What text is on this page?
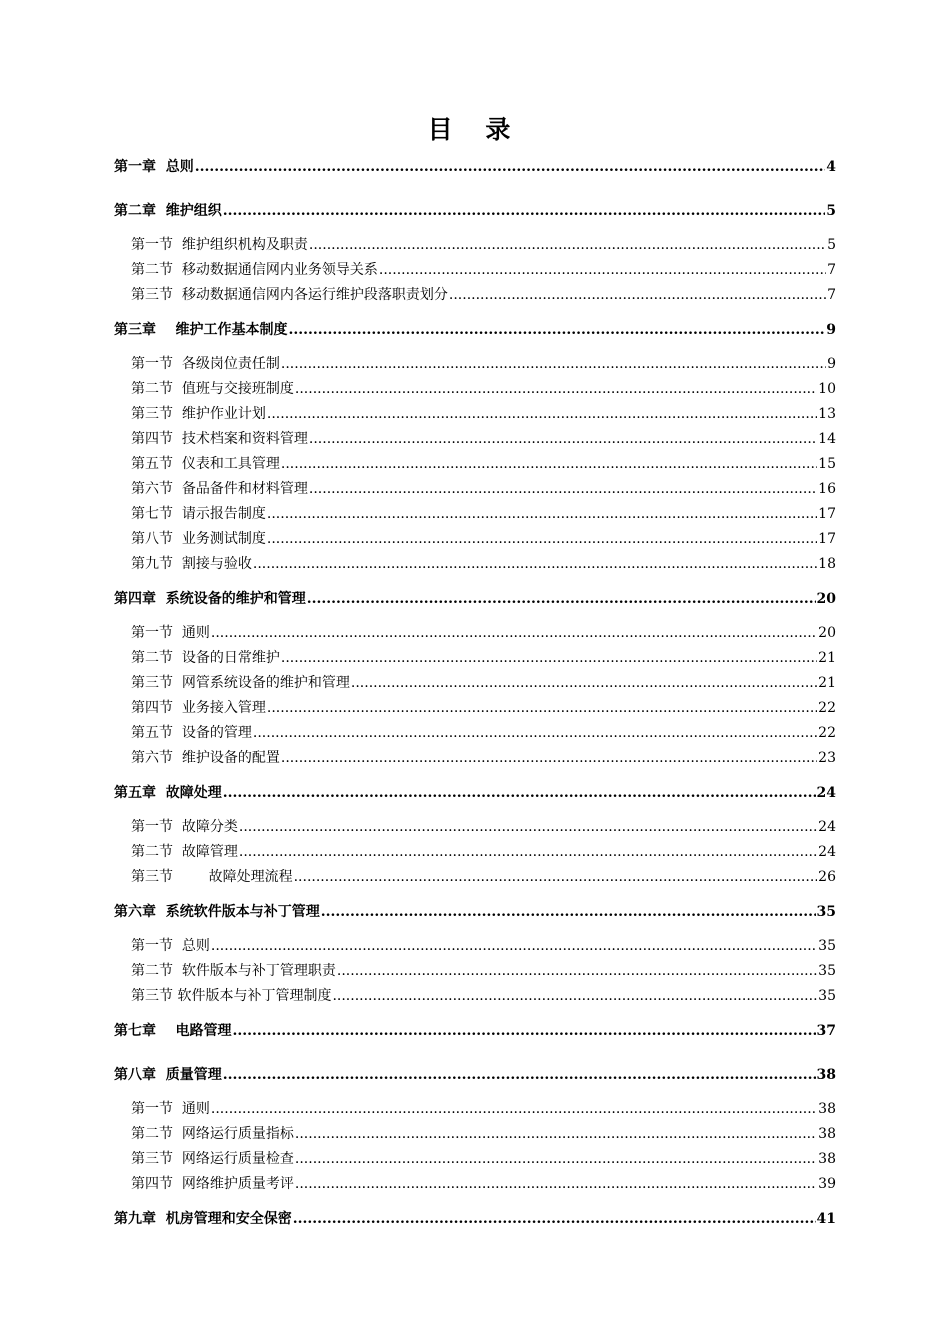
目 录
第一章  总则 .....	4
第二章  维护组织 .....	5
第一节  维护组织机构及职责 .....	5
第二节  移动数据通信网内业务领导关系 .....	7
第三节  移动数据通信网内各运行维护段落职责划分 .....	7
第三章    维护工作基本制度 .....	9
第一节  各级岗位责任制 .....	9
第二节  值班与交接班制度 .....	10
第三节  维护作业计划 .....	13
第四节  技术档案和资料管理 .....	14
第五节  仪表和工具管理 .....	15
第六节  备品备件和材料管理 .....	16
第七节  请示报告制度 .....	17
第八节  业务测试制度 .....	17
第九节  割接与验收 .....	18
第四章  系统设备的维护和管理 .....	20
第一节  通则 .....	20
第二节  设备的日常维护 .....	21
第三节  网管系统设备的维护和管理 .....	21
第四节  业务接入管理 .....	22
第五节  设备的管理 .....	22
第六节  维护设备的配置 .....	23
第五章  故障处理 .....	24
第一节  故障分类 .....	24
第二节  故障管理 .....	24
第三节        故障处理流程 .....	26
第六章  系统软件版本与补丁管理 .....	35
第一节  总则 .....	35
第二节  软件版本与补丁管理职责 .....	35
第三节 软件版本与补丁管理制度 .....	35
第七章    电路管理 .....	37
第八章  质量管理 .....	38
第一节  通则 .....	38
第二节  网络运行质量指标 .....	38
第三节  网络运行质量检查 .....	38
第四节  网络维护质量考评 .....	39
第九章  机房管理和安全保密 .....	41
